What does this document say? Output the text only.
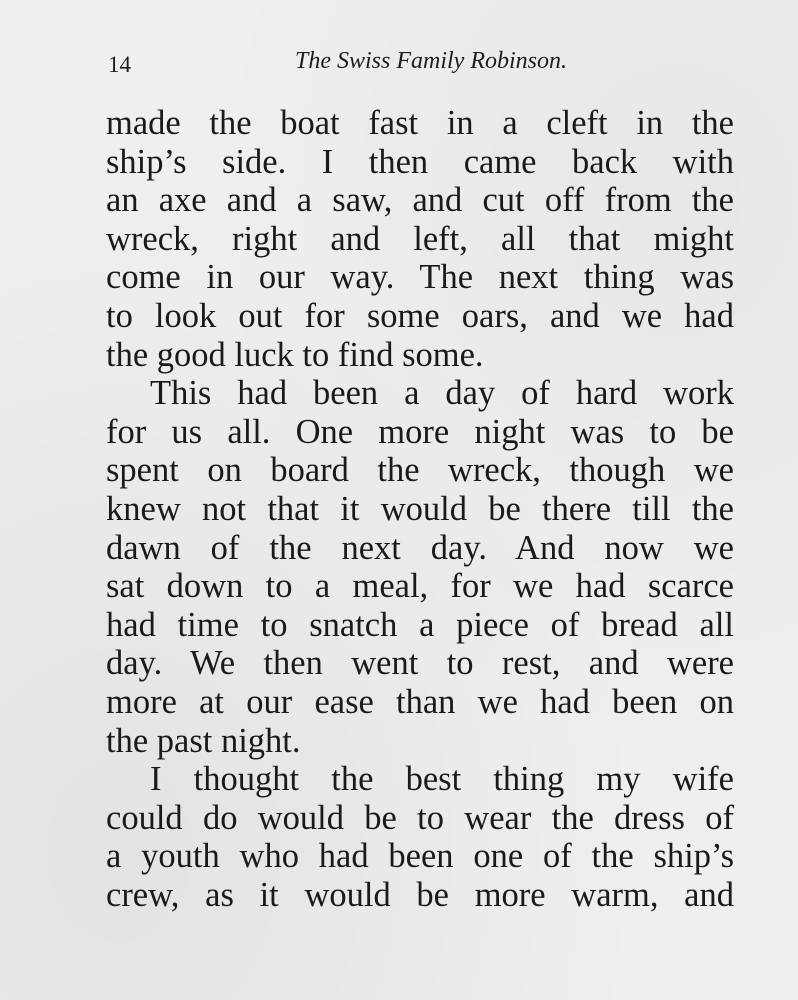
14	The Swiss Family Robinson.
made the boat fast in a cleft in the
ship’s side. I then came back with
an axe and a saw, and cut off from the
wreck, right and left, all that might
come in our way. The next thing was
to look out for some oars, and we had
the good luck to find some.
This had been a day of hard work
for us all. One more night was to be
spent on board the wreck, though we
knew not that it would be there till the
dawn of the next day. And now we
sat down to a meal, for we had scarce
had time to snatch a piece of bread all
day. We then went to rest, and were
more at our ease than we had been on
the past night.
I thought the best thing my wife
could do would be to wear the dress of
a youth who had been one of the ship’s
crew, as it would be more warm, and
